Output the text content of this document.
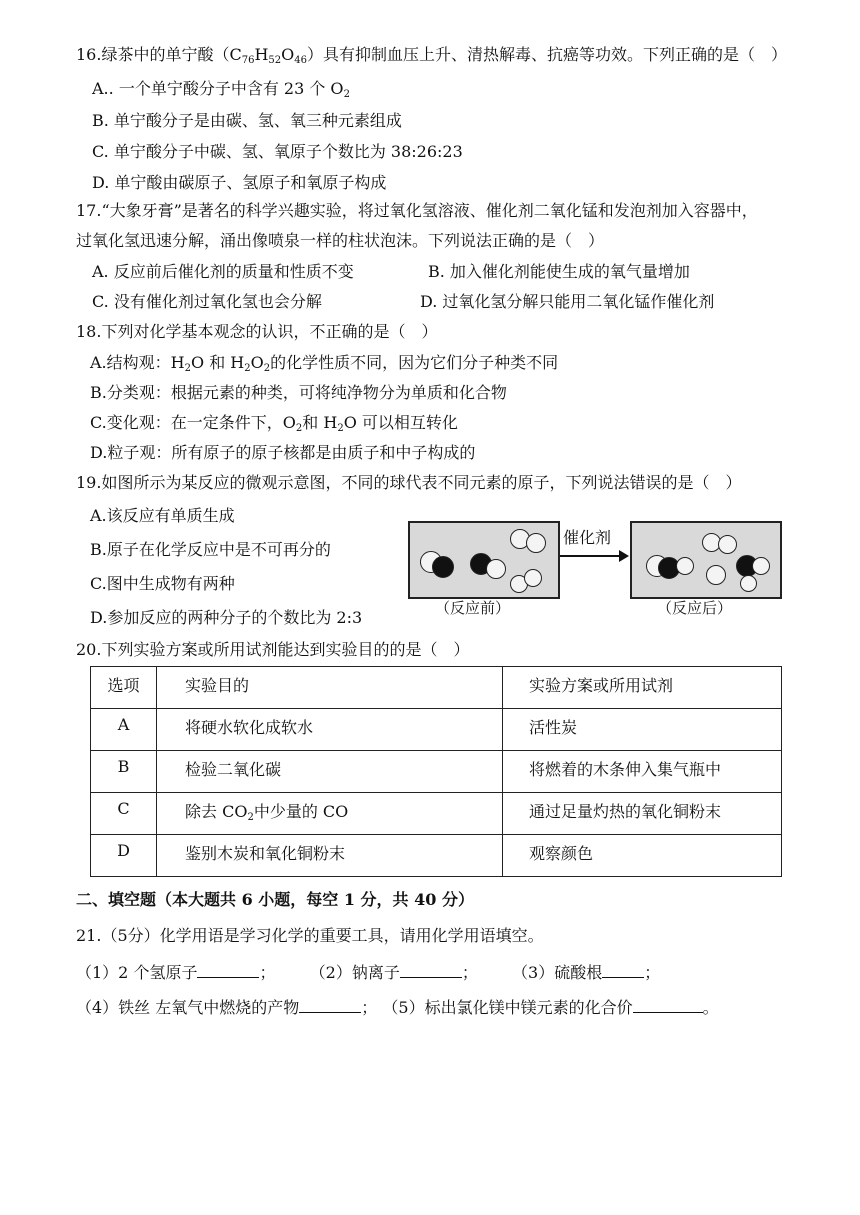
16.绿茶中的单宁酸$(C_{76}H_{52}O_{46})$具有抑制血压上升、清热解毒、抗癌等功效。下列正确的是（　）
A.. 一个单宁酸分子中含有 23 个 $O_2$
B. 单宁酸分子是由碳、氢、氧三种元素组成
C. 单宁酸分子中碳、氢、氧原子个数比为 38:26:23
D. 单宁酸由碳原子、氢原子和氧原子构成
17.“大象牙膏”是著名的科学兴趣实验，将过氧化氢溶液、催化剂二氧化锰和发泡剂加入容器中，
过氧化氢迅速分解，涌出像喷泉一样的柱状泡沫。下列说法正确的是（　）
A. 反应前后催化剂的质量和性质不变	B. 加入催化剂能使生成的氧气量增加
C. 没有催化剂过氧化氢也会分解	D. 过氧化氢分解只能用二氧化锰作催化剂
18.下列对化学基本观念的认识，不正确的是（　）
A.结构观：$H_2O$ 和 $H_2O_2$的化学性质不同，因为它们分子种类不同
B.分类观：根据元素的种类，可将纯净物分为单质和化合物
C.变化观：在一定条件下，$O_2$和 $H_2O$ 可以相互转化
D.粒子观：所有原子的原子核都是由质子和中子构成的
19.如图所示为某反应的微观示意图，不同的球代表不同元素的原子，下列说法错误的是（　）
A.该反应有单质生成
B.原子在化学反应中是不可再分的
C.图中生成物有两种
D.参加反应的两种分子的个数比为 2:3
催化剂
（反应前）	（反应后）
20.下列实验方案或所用试剂能达到实验目的的是（　）
选项	实验目的	实验方案或所用试剂
A	将硬水软化成软水	活性炭
B	检验二氧化碳	将燃着的木条伸入集气瓶中
C	除去 $CO_2$中少量的 CO	通过足量灼热的氧化铜粉末
D	鉴别木炭和氧化铜粉末	观察颜色
二、填空题（本大题共 6 小题，每空 1 分，共 40 分）
21.（5分）化学用语是学习化学的重要工具，请用化学用语填空。
（1）2 个氢原子	； （2）钠离子	； （3）硫酸根	；
（4）铁丝 左氧气中燃烧的产物	； （5）标出氯化镁中镁元素的化合价	。
